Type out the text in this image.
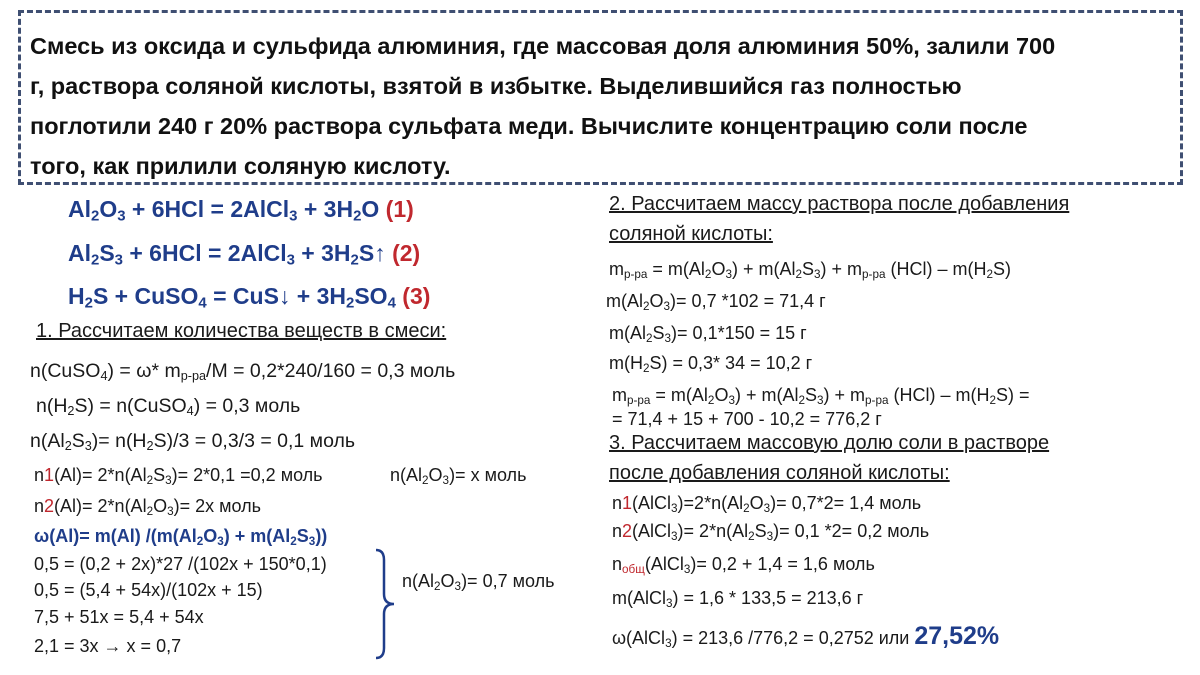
Смесь из оксида и сульфида алюминия, где массовая доля алюминия 50%, залили 700
г, раствора соляной кислоты, взятой в избытке. Выделившийся газ полностью
поглотили 240 г 20% раствора сульфата меди. Вычислите концентрацию соли после
того, как прилили соляную кислоту.
$Al_2O_3 + 6HCl$ = 2AlCl$_3$ + $3H_2O$ (1)
$Al_2S_3 + 6HCl$ = 2AlCl$_3$ + $3H_2S↑$ (2)
$H_2S$ + CuSO$_4$ = CuS↓ + $3H_2SO_4$ (3)
1. Рассчитаем количества веществ в смеси:
n(CuSO$_4$) = ω* $m_{р-ра}/M = 0,2*240/160 = 0,3$ моль
$n(H_2S)$ = n(CuSO$_4$) = 0,3 моль
$n(Al_2S_3)= n(H_2S)/3 = 0,3/3 = 0,1$ моль
$n1(Al)= 2*n(Al_2S_3)= 2*0,1 =0,2$ моль	$n(Al_2O_3)= x$ моль
$n2(Al)= 2*n(Al_2O_3)= 2x$ моль
ω(Al)= m(Al) $/(m(Al_2O_3) + m(Al_2S_3))$
0,5 = (0,2 + 2x)*27 /(102x + 150*0,1)
0,5 = (5,4 + 54x)/(102x + 15)
7,5 + 51x = 5,4 + 54x
2,1 = 3x → x = 0,7
$n(Al_2O_3)= 0,7$ моль
2. Рассчитаем массу раствора после добавления
соляной кислоты:
$m_{р-ра} = m(Al_2O_3) + m(Al_2S_3) + m_{р-ра}$ $(HCl) - m(H_2S)$
$m(Al_2O_3)= 0,7$ *102 = 71,4 г
$m(Al_2S_3)= 0,1*150 = 15$ г
$m(H_2S) = 0,3*$ 34 = 10,2 г
$m_{р-ра} = m(Al_2O_3) + m(Al_2S_3) + m_{р-ра}$ $(HCl) - m(H_2S)$ =
= 71,4 + 15 + 700 - 10,2 = 776,2 г
3. Рассчитаем массовую долю соли в растворе
после добавления соляной кислоты:
$n1(AlCl_3)=2*n(Al_2O_3)= 0,7*2= 1,4$ моль
n2(AlCl$_3$)= $2*n(Al_2S_3)= 0,1$ *2= 0,2 моль
$n_{общ}(AlCl_3)= 0,2 + 1,4 = 1,6$ моль
m(AlCl$_3$) = 1,6 * 133,5 = 213,6 г
ω(AlCl$_3$) = 213,6 /776,2 = 0,2752 или 27,52%
